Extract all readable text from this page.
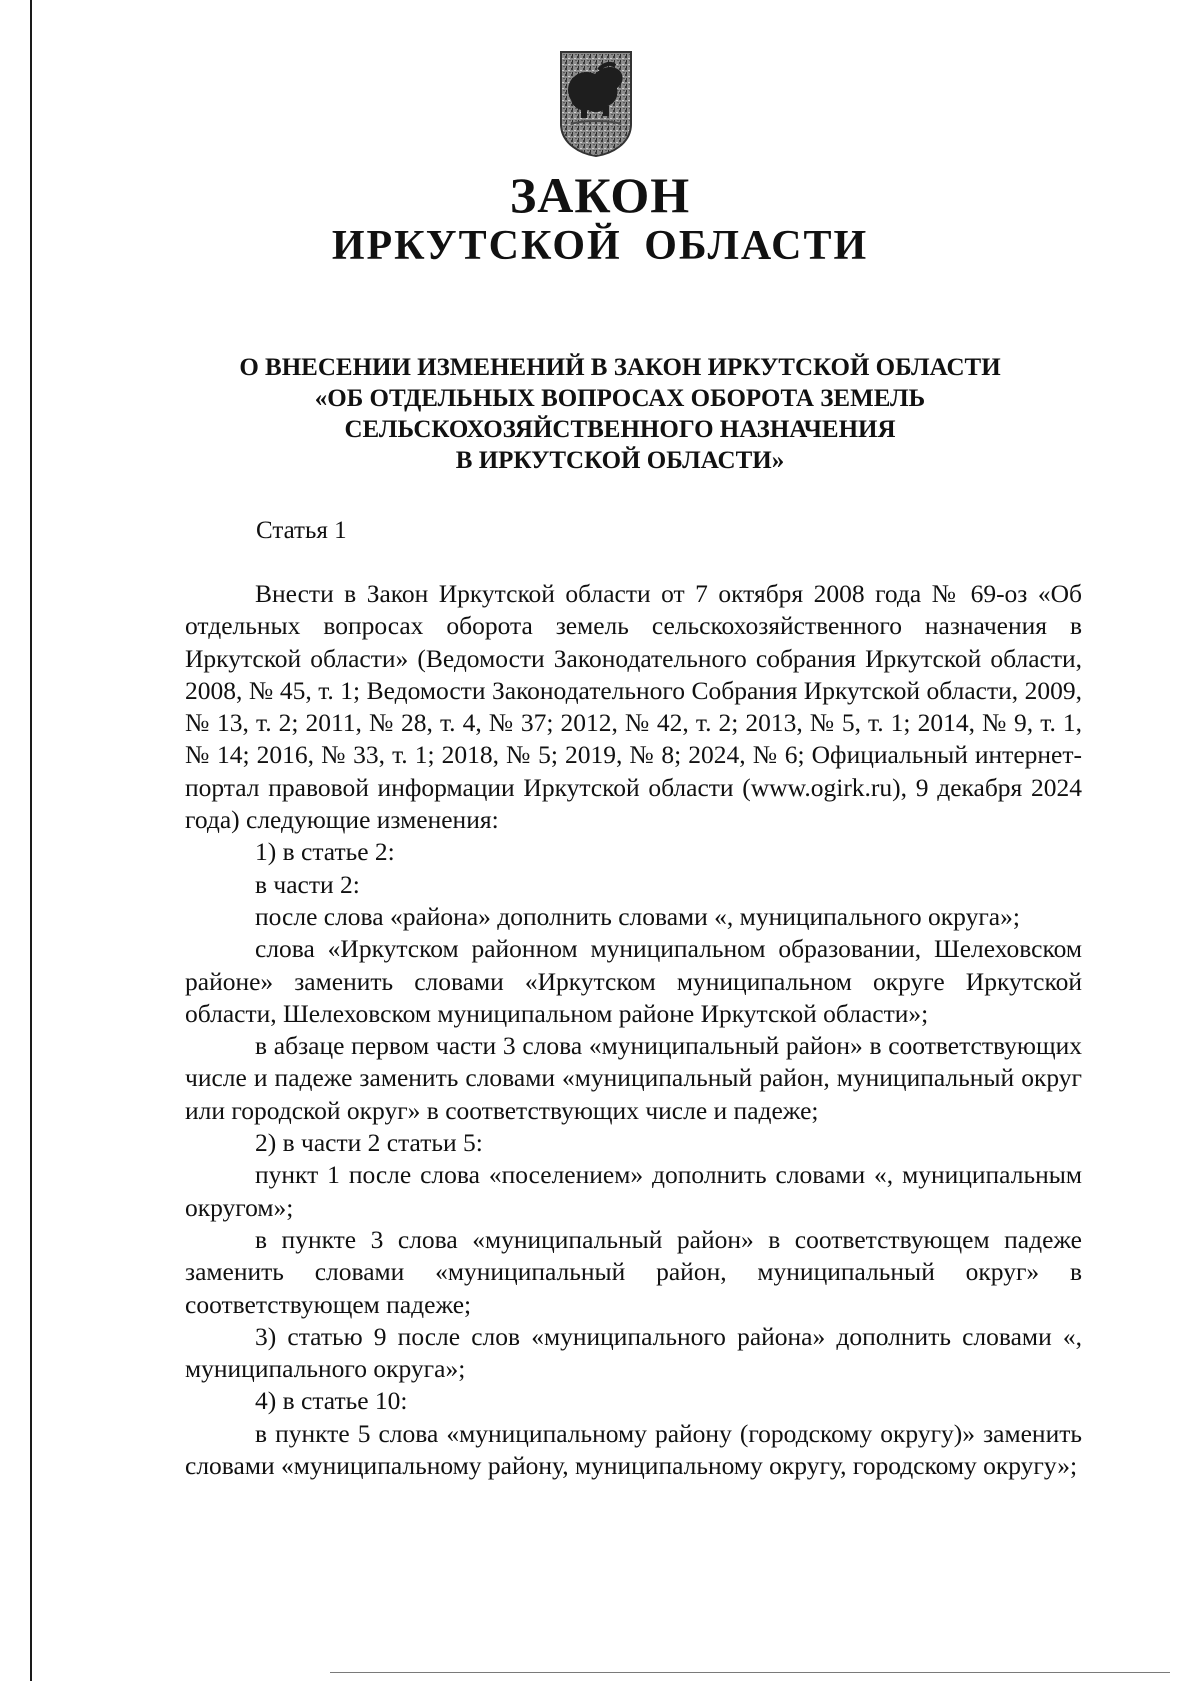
ЗАКОН
ИРКУТСКОЙ ОБЛАСТИ
О ВНЕСЕНИИ ИЗМЕНЕНИЙ В ЗАКОН ИРКУТСКОЙ ОБЛАСТИ
«ОБ ОТДЕЛЬНЫХ ВОПРОСАХ ОБОРОТА ЗЕМЕЛЬ
СЕЛЬСКОХОЗЯЙСТВЕННОГО НАЗНАЧЕНИЯ
В ИРКУТСКОЙ ОБЛАСТИ»

Статья 1

Внести в Закон Иркутской области от 7 октября 2008 года № 69-оз «Об отдельных вопросах оборота земель сельскохозяйственного назначения в Иркутской области» (Ведомости Законодательного собрания Иркутской области, 2008, № 45, т. 1; Ведомости Законодательного Собрания Иркутской области, 2009, № 13, т. 2; 2011, № 28, т. 4, № 37; 2012, № 42, т. 2; 2013, № 5, т. 1; 2014, № 9, т. 1, № 14; 2016, № 33, т. 1; 2018, № 5; 2019, № 8; 2024, № 6; Официальный интернет-портал правовой информации Иркутской области (www.ogirk.ru), 9 декабря 2024 года) следующие изменения:

1) в статье 2:

в части 2:

после слова «района» дополнить словами «, муниципального округа»;

слова «Иркутском районном муниципальном образовании, Шелеховском районе» заменить словами «Иркутском муниципальном округе Иркутской области, Шелеховском муниципальном районе Иркутской области»;

в абзаце первом части 3 слова «муниципальный район» в соответствующих числе и падеже заменить словами «муниципальный район, муниципальный округ или городской округ» в соответствующих числе и падеже;

2) в части 2 статьи 5:

пункт 1 после слова «поселением» дополнить словами «, муниципальным округом»;

в пункте 3 слова «муниципальный район» в соответствующем падеже заменить словами «муниципальный район, муниципальный округ» в соответствующем падеже;

3) статью 9 после слов «муниципального района» дополнить словами «, муниципального округа»;

4) в статье 10:

в пункте 5 слова «муниципальному району (городскому округу)» заменить словами «муниципальному району, муниципальному округу, городскому округу»;
